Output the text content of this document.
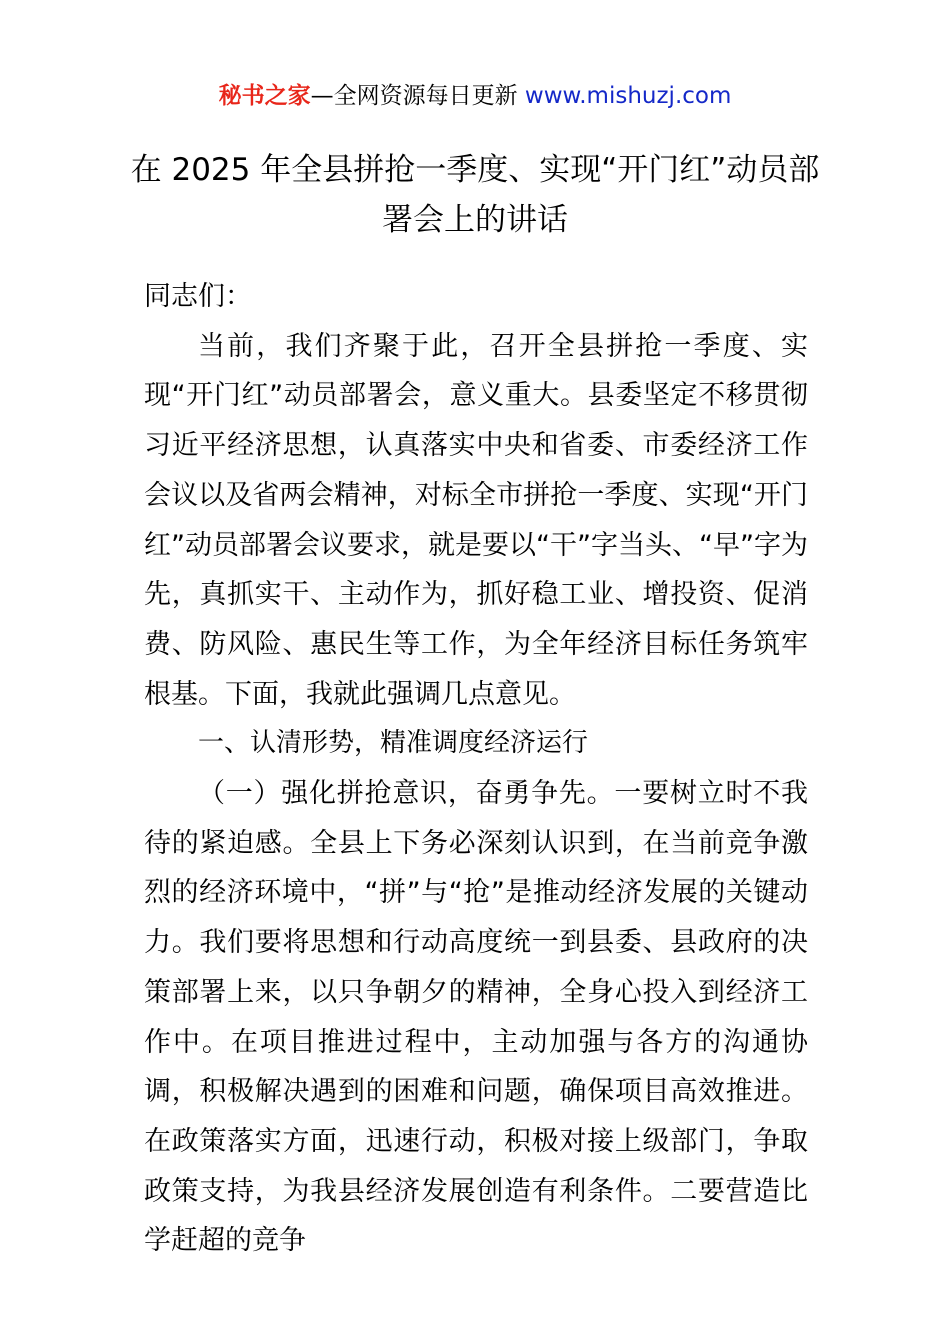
秘书之家—全网资源每日更新 www.mishuzj.com
在 2025 年全县拼抢一季度、实现“开门红”动员部署会上的讲话

同志们：

当前，我们齐聚于此，召开全县拼抢一季度、实现“开门红”动员部署会，意义重大。县委坚定不移贯彻习近平经济思想，认真落实中央和省委、市委经济工作会议以及省两会精神，对标全市拼抢一季度、实现“开门红”动员部署会议要求，就是要以“干”字当头、“早”字为先，真抓实干、主动作为，抓好稳工业、增投资、促消费、防风险、惠民生等工作，为全年经济目标任务筑牢根基。下面，我就此强调几点意见。

一、认清形势，精准调度经济运行

（一）强化拼抢意识，奋勇争先。一要树立时不我待的紧迫感。全县上下务必深刻认识到，在当前竞争激烈的经济环境中，“拼”与“抢”是推动经济发展的关键动力。我们要将思想和行动高度统一到县委、县政府的决策部署上来，以只争朝夕的精神，全身心投入到经济工作中。在项目推进过程中，主动加强与各方的沟通协调，积极解决遇到的困难和问题，确保项目高效推进。在政策落实方面，迅速行动，积极对接上级部门，争取政策支持，为我县经济发展创造有利条件。二要营造比学赶超的竞争
